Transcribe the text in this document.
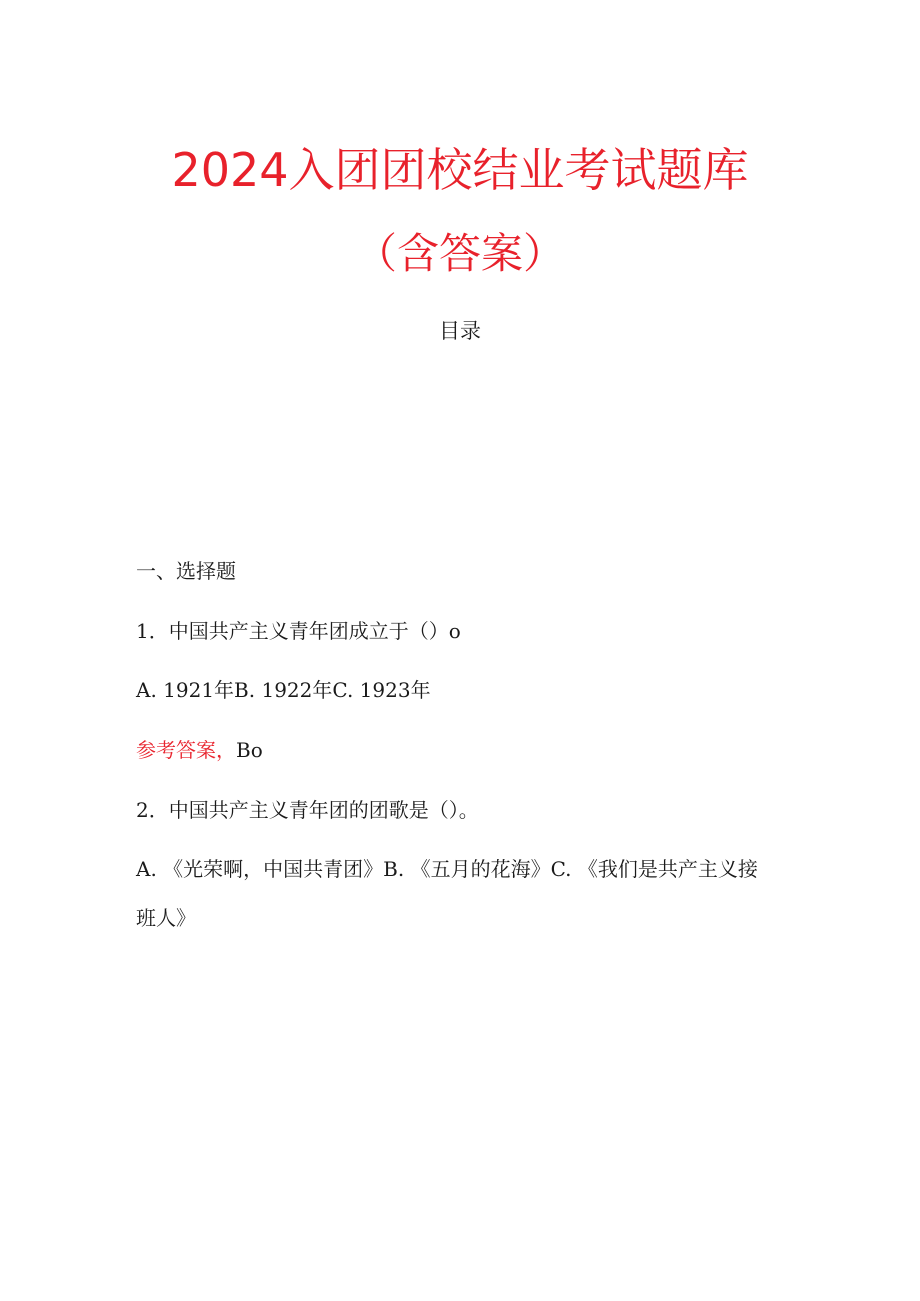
2024入团团校结业考试题库
（含答案）
目录
一、选择题
1．中国共产主义青年团成立于（）o
A. 1921年B. 1922年C. 1923年
参考答案，Bo
2．中国共产主义青年团的团歌是（）。
A. 《光荣啊，中国共青团》B. 《五月的花海》C. 《我们是共产主义接
班人》
